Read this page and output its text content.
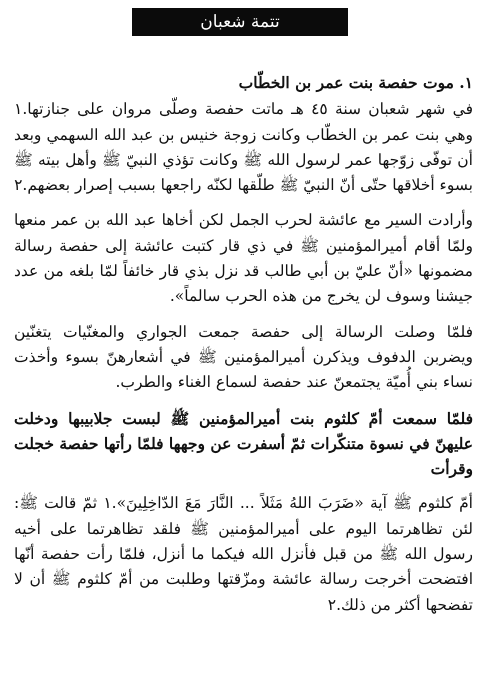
تتمة شعبان
١. موت حفصة بنت عمر بن الخطّاب

في شهر شعبان سنة ٤٥ هـ ماتت حفصة وصلّى مروان على جنازتها.١ وهي بنت عمر بن الخطّاب وكانت زوجة خنيس بن عبد الله السهمي وبعد أن توفّى زوّجها عمر لرسول الله ﷺ وكانت تؤذي النبيّ ﷺ وأهل بيته ﷺ بسوء أخلاقها حتّى أنّ النبيّ ﷺ طلّقها لكنّه راجعها بسبب إصرار بعضهم.٢

وأرادت السير مع عائشة لحرب الجمل لكن أخاها عبد الله بن عمر منعها ولمّا أقام أميرالمؤمنين ﷺ في ذي قار كتبت عائشة إلى حفصة رسالة مضمونها «أنّ عليّ بن أبي طالب قد نزل بذي قار خائفاً لمّا بلغه من عدد جيشنا وسوف لن يخرج من هذه الحرب سالماً».

فلمّا وصلت الرسالة إلى حفصة جمعت الجواري والمغنّيات يتغنّين ويضربن الدفوف ويذكرن أميرالمؤمنين ﷺ في أشعارهنّ بسوء وأخذت نساء بني أُميّة يجتمعنّ عند حفصة لسماع الغناء والطرب.

فلمّا سمعت أمّ كلثوم بنت أميرالمؤمنين ﷺ لبست جلابيبها ودخلت عليهنّ في نسوة متنكّرات ثمّ أسفرت عن وجهها فلمّا رأتها حفصة خجلت وقرأت

أمّ كلثوم ﷺ آية «ضَرَبَ اللهُ مَثَلاً ... النَّارَ مَعَ الدّاخِلِينَ».١ ثمّ قالت ﷺ: لئن تظاهرتما اليوم على أميرالمؤمنين ﷺ فلقد تظاهرتما على أخيه رسول الله ﷺ من قبل فأنزل الله فيكما ما أنزل، فلمّا رأت حفصة أنّها افتضحت أخرجت رسالة عائشة ومزّقتها وطلبت من أمّ كلثوم ﷺ أن لا تفضحها أكثر من ذلك.٢
